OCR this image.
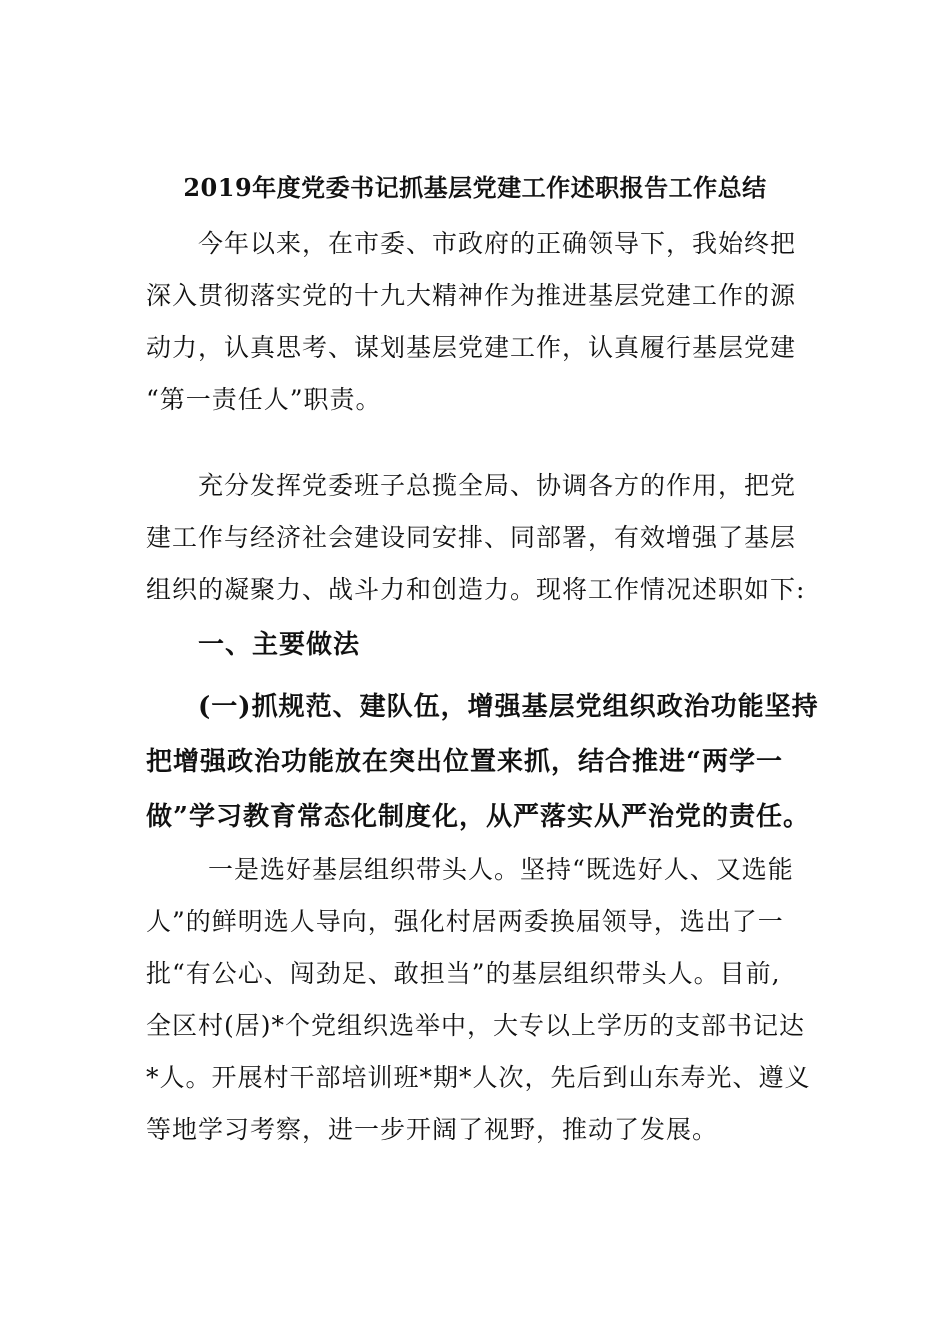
2019年度党委书记抓基层党建工作述职报告工作总结
今年以来，在市委、市政府的正确领导下，我始终把
深入贯彻落实党的十九大精神作为推进基层党建工作的源
动力，认真思考、谋划基层党建工作，认真履行基层党建
“第一责任人”职责。
充分发挥党委班子总揽全局、协调各方的作用，把党
建工作与经济社会建设同安排、同部署，有效增强了基层
组织的凝聚力、战斗力和创造力。现将工作情况述职如下:
一、主要做法
(一)抓规范、建队伍，增强基层党组织政治功能坚持
把增强政治功能放在突出位置来抓，结合推进“两学一
做”学习教育常态化制度化，从严落实从严治党的责任。
一是选好基层组织带头人。坚持“既选好人、又选能
人”的鲜明选人导向，强化村居两委换届领导，选出了一
批“有公心、闯劲足、敢担当”的基层组织带头人。目前,
全区村(居)*个党组织选举中，大专以上学历的支部书记达
*人。开展村干部培训班*期*人次，先后到山东寿光、遵义
等地学习考察，进一步开阔了视野，推动了发展。
